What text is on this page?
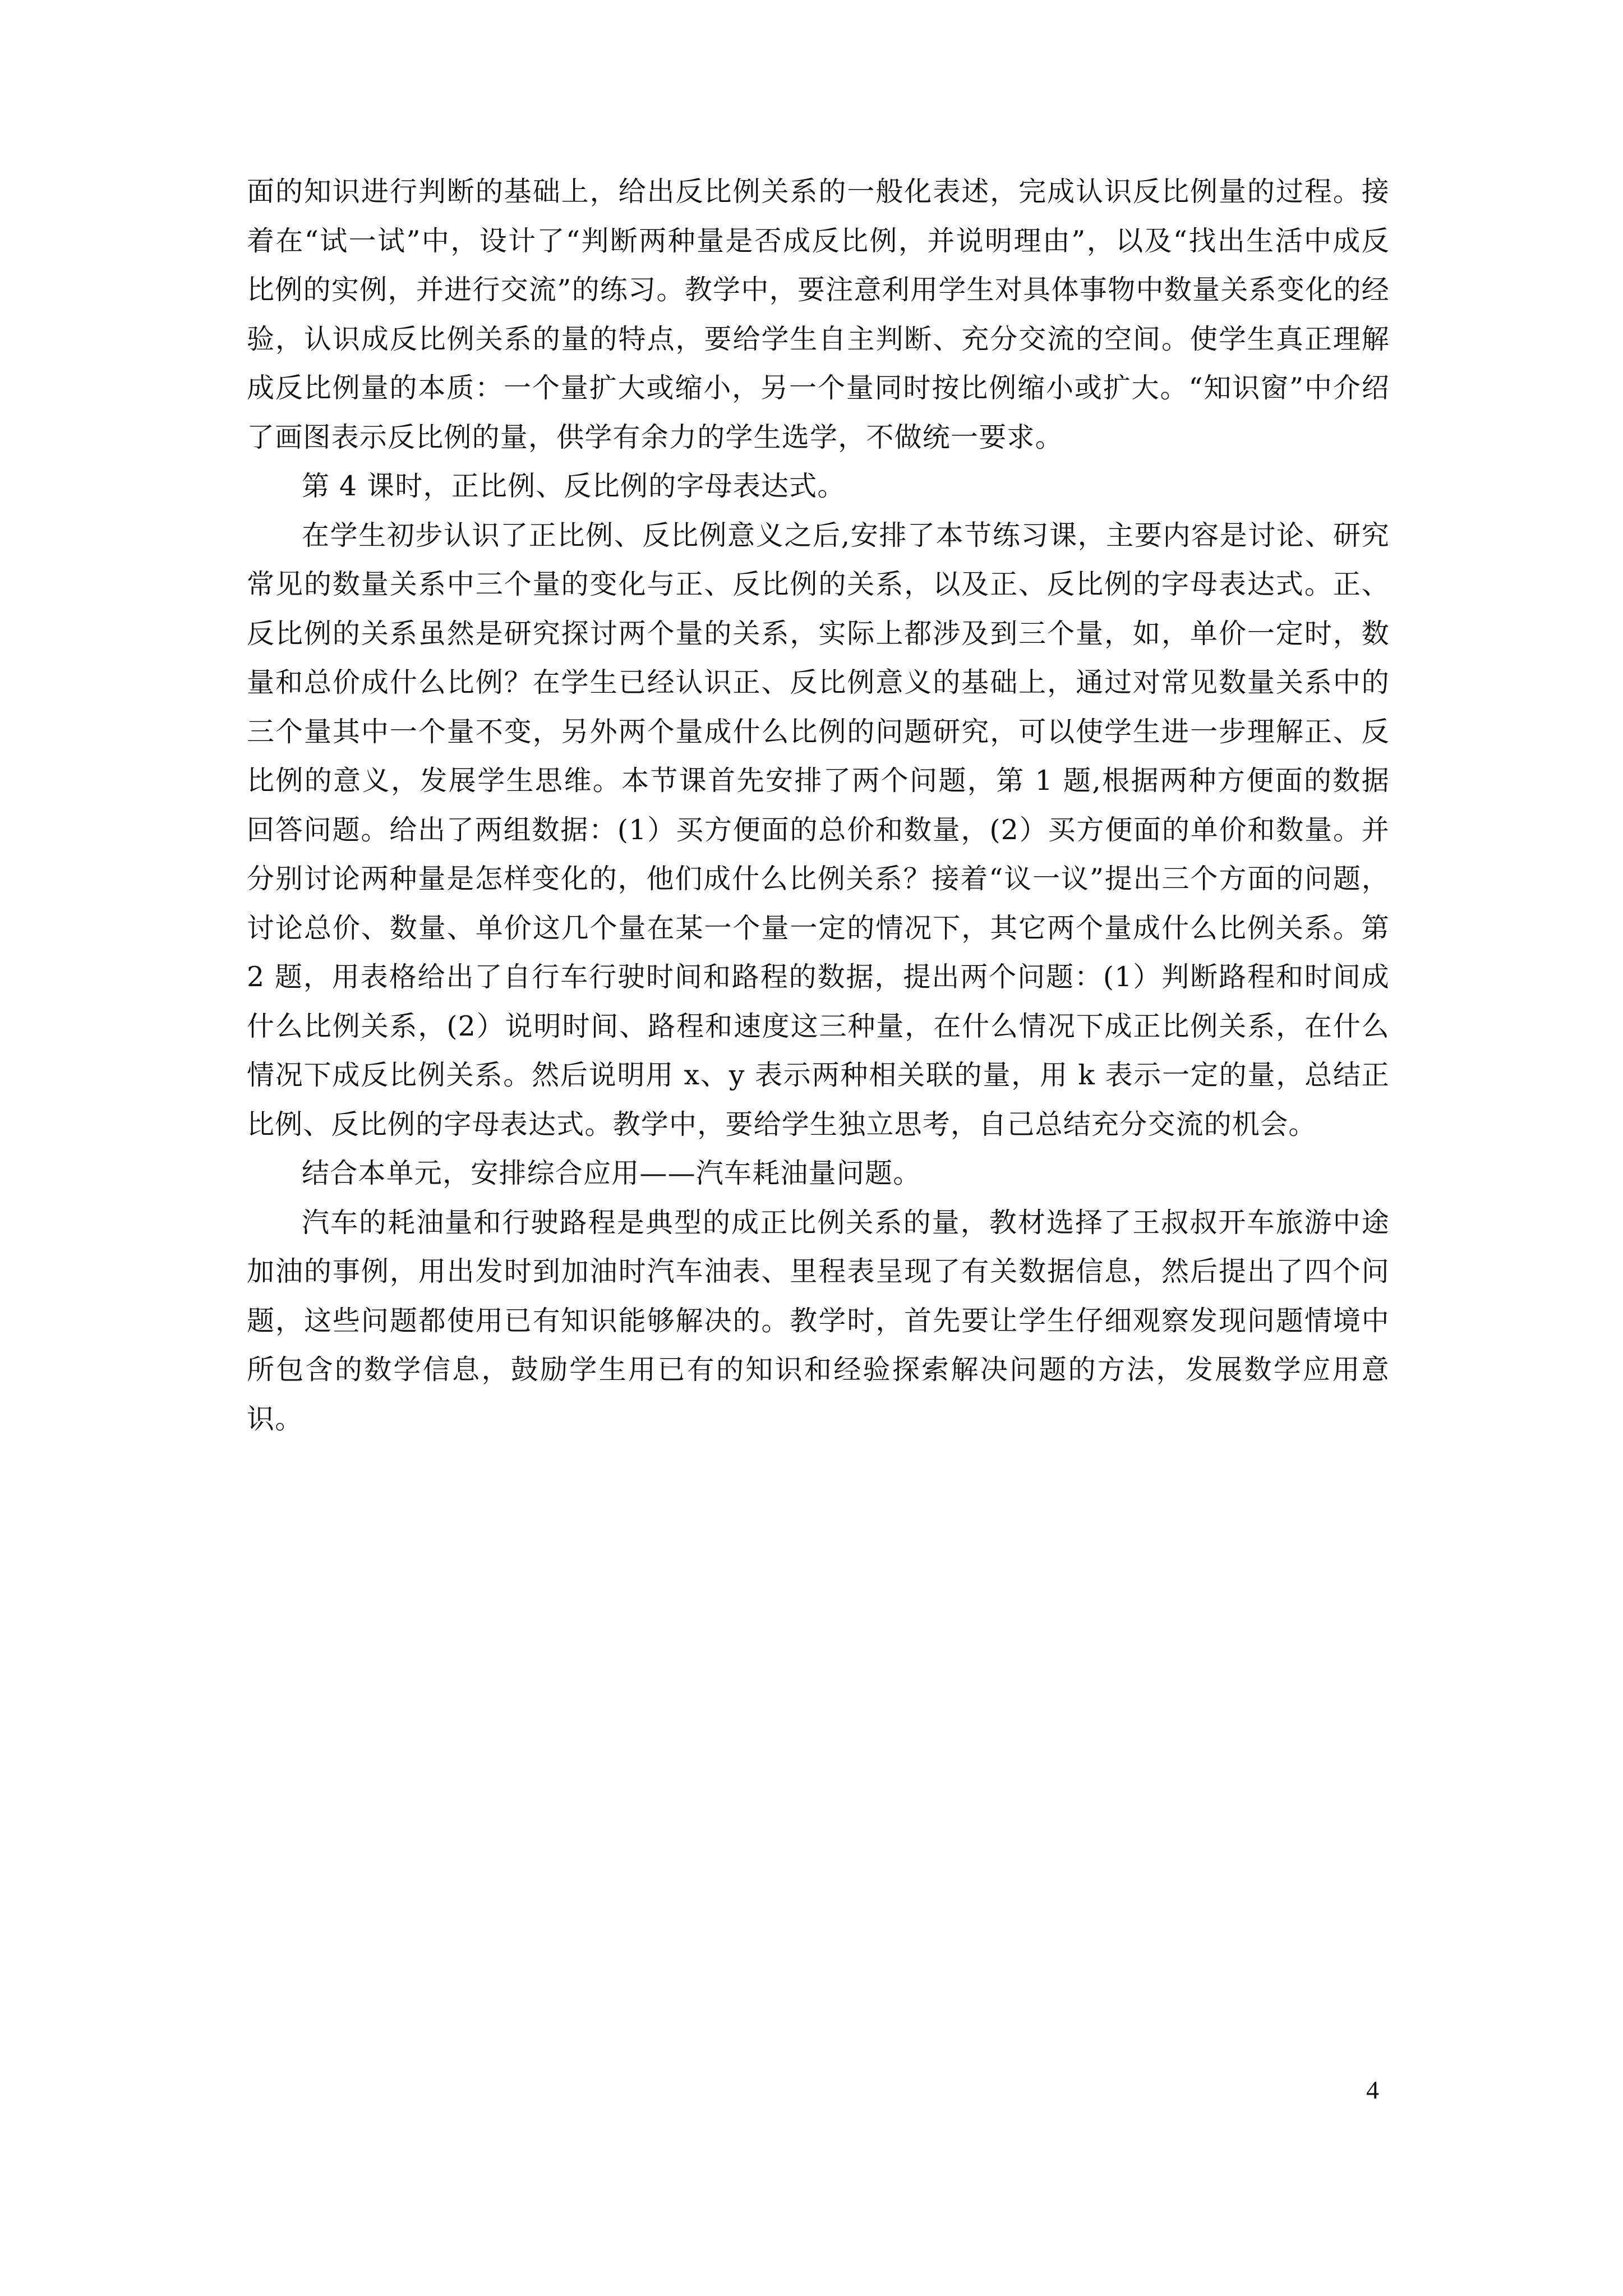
面的知识进行判断的基础上，给出反比例关系的一般化表述，完成认识反比例量的过程。接着在“试一试”中，设计了“判断两种量是否成反比例，并说明理由”，以及“找出生活中成反比例的实例，并进行交流”的练习。教学中，要注意利用学生对具体事物中数量关系变化的经验，认识成反比例关系的量的特点，要给学生自主判断、充分交流的空间。使学生真正理解成反比例量的本质：一个量扩大或缩小，另一个量同时按比例缩小或扩大。“知识窗”中介绍了画图表示反比例的量，供学有余力的学生选学，不做统一要求。

第 4 课时，正比例、反比例的字母表达式。

在学生初步认识了正比例、反比例意义之后,安排了本节练习课，主要内容是讨论、研究常见的数量关系中三个量的变化与正、反比例的关系，以及正、反比例的字母表达式。正、反比例的关系虽然是研究探讨两个量的关系，实际上都涉及到三个量，如，单价一定时，数量和总价成什么比例？在学生已经认识正、反比例意义的基础上，通过对常见数量关系中的三个量其中一个量不变，另外两个量成什么比例的问题研究，可以使学生进一步理解正、反比例的意义，发展学生思维。本节课首先安排了两个问题，第 1 题,根据两种方便面的数据回答问题。给出了两组数据：(1）买方便面的总价和数量，(2）买方便面的单价和数量。并分别讨论两种量是怎样变化的，他们成什么比例关系？接着“议一议”提出三个方面的问题，讨论总价、数量、单价这几个量在某一个量一定的情况下，其它两个量成什么比例关系。第 2 题，用表格给出了自行车行驶时间和路程的数据，提出两个问题：(1）判断路程和时间成什么比例关系，(2）说明时间、路程和速度这三种量，在什么情况下成正比例关系，在什么情况下成反比例关系。然后说明用 x、y 表示两种相关联的量，用 k 表示一定的量，总结正比例、反比例的字母表达式。教学中，要给学生独立思考，自己总结充分交流的机会。

结合本单元，安排综合应用——汽车耗油量问题。

汽车的耗油量和行驶路程是典型的成正比例关系的量，教材选择了王叔叔开车旅游中途加油的事例，用出发时到加油时汽车油表、里程表呈现了有关数据信息，然后提出了四个问题，这些问题都使用已有知识能够解决的。教学时，首先要让学生仔细观察发现问题情境中所包含的数学信息，鼓励学生用已有的知识和经验探索解决问题的方法，发展数学应用意识。

4
